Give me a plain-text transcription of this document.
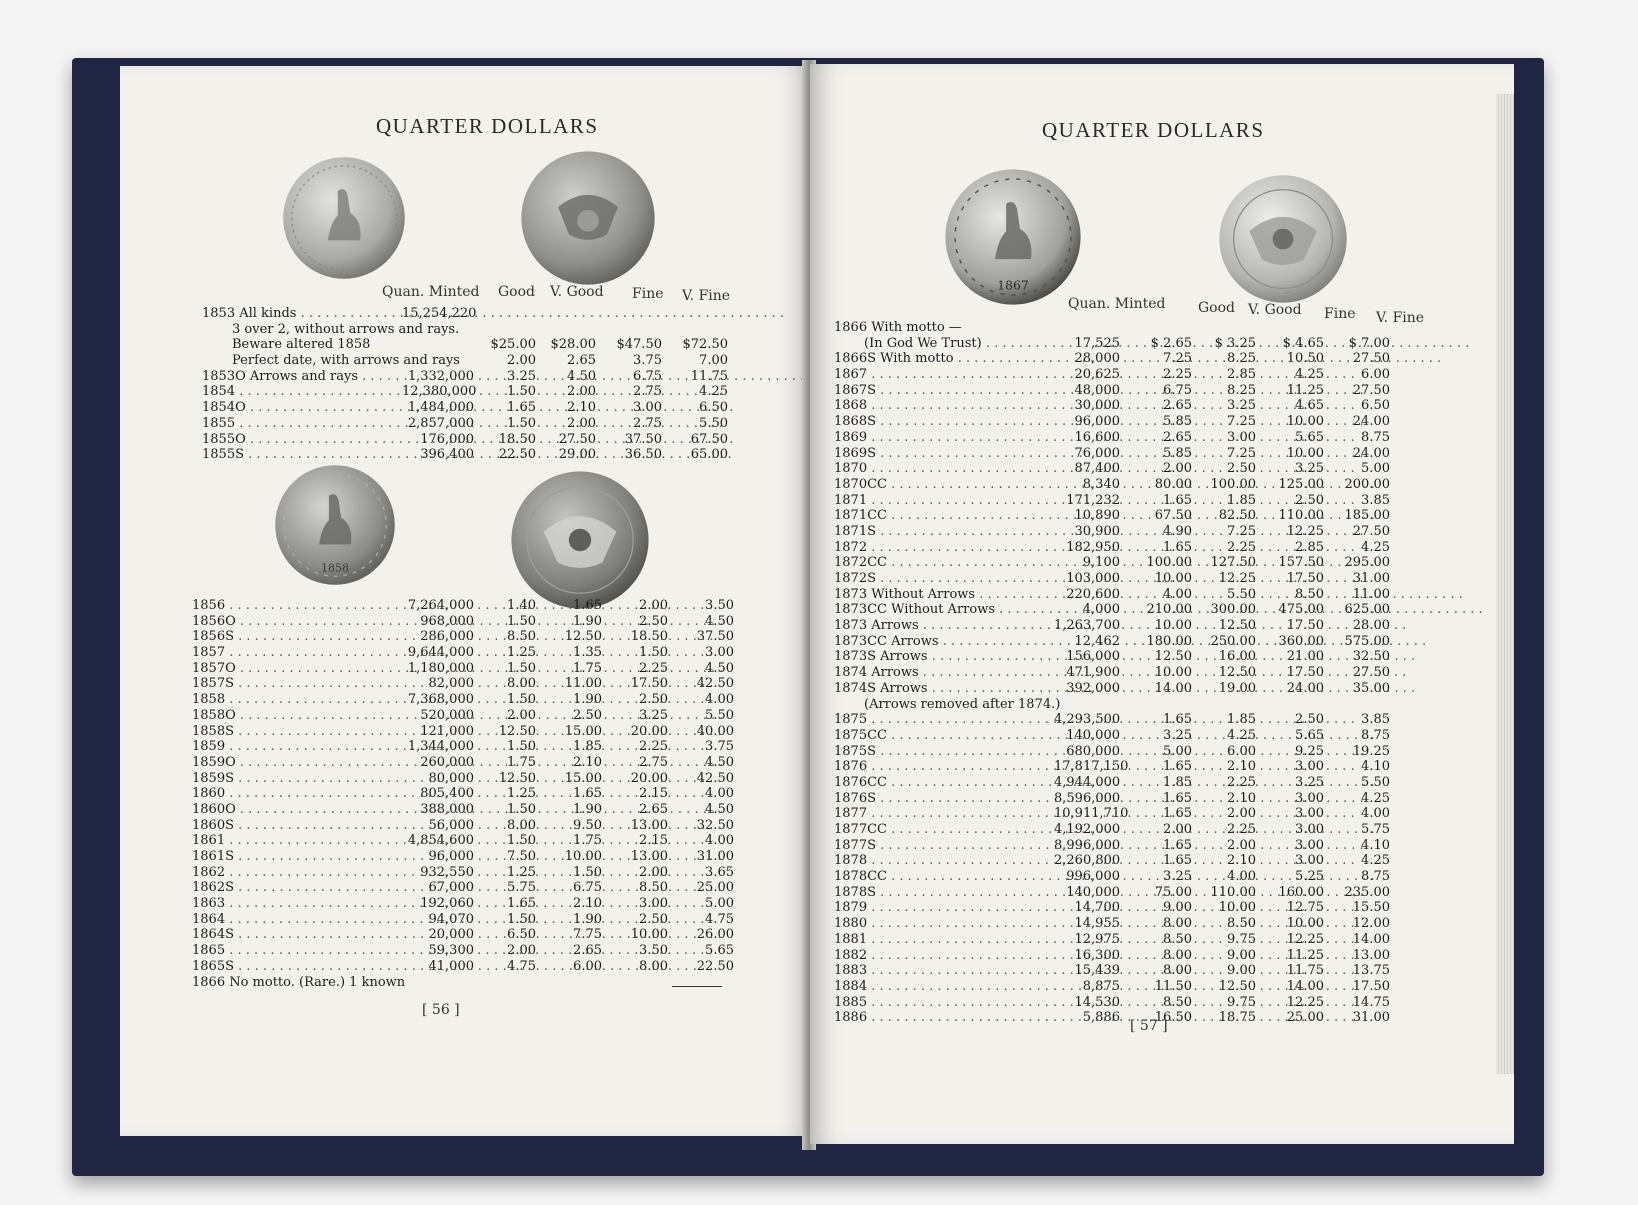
QUARTER DOLLARS
Quan. Minted Good V. Good Fine V. Fine
1853 All kinds . . .	15,254,220
3 over 2, without arrows and rays.
Beware altered 1858	$25.00	$28.00	$47.50	$72.50
Perfect date, with arrows and rays	2.00	2.65	3.75	7.00
1853O Arrows and rays . . .	1,332,000	3.25	4.50	6.75	11.75
1854 . . .	12,380,000	1.50	2.00	2.75	4.25
1854O . . .	1,484,000	1.65	2.10	3.00	6.50
1855 . . .	2,857,000	1.50	2.00	2.75	5.50
1855O . . .	176,000	18.50	27.50	37.50	67.50
1855S . . .	396,400	22.50	29.00	36.50	65.00
1858
1856 . . .	7,264,000	1.40	1.65	2.00	3.50
1856O . . .	968,000	1.50	1.90	2.50	4.50
1856S . . .	286,000	8.50	12.50	18.50	37.50
1857 . . .	9,644,000	1.25	1.35	1.50	3.00
1857O . . .	1,180,000	1.50	1.75	2.25	4.50
1857S . . .	82,000	8.00	11.00	17.50	42.50
1858 . . .	7,368,000	1.50	1.90	2.50	4.00
1858O . . .	520,000	2.00	2.50	3.25	5.50
1858S . . .	121,000	12.50	15.00	20.00	40.00
1859 . . .	1,344,000	1.50	1.85	2.25	3.75
1859O . . .	260,000	1.75	2.10	2.75	4.50
1859S . . .	80,000	12.50	15.00	20.00	42.50
1860 . . .	805,400	1.25	1.65	2.15	4.00
1860O . . .	388,000	1.50	1.90	2.65	4.50
1860S . . .	56,000	8.00	9.50	13.00	32.50
1861 . . .	4,854,600	1.50	1.75	2.15	4.00
1861S . . .	96,000	7.50	10.00	13.00	31.00
1862 . . .	932,550	1.25	1.50	2.00	3.65
1862S . . .	67,000	5.75	6.75	8.50	25.00
1863 . . .	192,060	1.65	2.10	3.00	5.00
1864 . . .	94,070	1.50	1.90	2.50	4.75
1864S . . .	20,000	6.50	7.75	10.00	26.00
1865 . . .	59,300	2.00	2.65	3.50	5.65
1865S . . .	41,000	4.75	6.00	8.00	22.50
1866 No motto. (Rare.) 1 known
[ 56 ]
QUARTER DOLLARS
1867
Quan. Minted Good V. Good Fine V. Fine
1866 With motto —
(In God We Trust) . . .	17,525	$ 2.65	$ 3.25	$ 4.65	$ 7.00
1866S With motto . . .	28,000	7.25	8.25	10.50	27.50
1867 . . .	20,625	2.25	2.85	4.25	6.00
1867S . . .	48,000	6.75	8.25	11.25	27.50
1868 . . .	30,000	2.65	3.25	4.65	6.50
1868S . . .	96,000	5.85	7.25	10.00	24.00
1869 . . .	16,600	2.65	3.00	5.65	8.75
1869S . . .	76,000	5.85	7.25	10.00	24.00
1870 . . .	87,400	2.00	2.50	3.25	5.00
1870CC . . .	8,340	80.00	100.00	125.00	200.00
1871 . . .	171,232	1.65	1.85	2.50	3.85
1871CC . . .	10,890	67.50	82.50	110.00	185.00
1871S . . .	30,900	4.90	7.25	12.25	27.50
1872 . . .	182,950	1.65	2.25	2.85	4.25
1872CC . . .	9,100	100.00	127.50	157.50	295.00
1872S . . .	103,000	10.00	12.25	17.50	31.00
1873 Without Arrows . . .	220,600	4.00	5.50	8.50	11.00
1873CC Without Arrows . . .	4,000	210.00	300.00	475.00	625.00
1873 Arrows . . .	1,263,700	10.00	12.50	17.50	28.00
1873CC Arrows . . .	12,462	180.00	250.00	360.00	575.00
1873S Arrows . . .	156,000	12.50	16.00	21.00	32.50
1874 Arrows . . .	471,900	10.00	12.50	17.50	27.50
1874S Arrows . . .	392,000	14.00	19.00	24.00	35.00
(Arrows removed after 1874.)
1875 . . .	4,293,500	1.65	1.85	2.50	3.85
1875CC . . .	140,000	3.25	4.25	5.65	8.75
1875S . . .	680,000	5.00	6.00	9.25	19.25
1876 . . .	17,817,150	1.65	2.10	3.00	4.10
1876CC . . .	4,944,000	1.85	2.25	3.25	5.50
1876S . . .	8,596,000	1.65	2.10	3.00	4.25
1877 . . .	10,911,710	1.65	2.00	3.00	4.00
1877CC . . .	4,192,000	2.00	2.25	3.00	5.75
1877S . . .	8,996,000	1.65	2.00	3.00	4.10
1878 . . .	2,260,800	1.65	2.10	3.00	4.25
1878CC . . .	996,000	3.25	4.00	5.25	8.75
1878S . . .	140,000	75.00	110.00	160.00	235.00
1879 . . .	14,700	9.00	10.00	12.75	15.50
1880 . . .	14,955	8.00	8.50	10.00	12.00
1881 . . .	12,975	8.50	9.75	12.25	14.00
1882 . . .	16,300	8.00	9.00	11.25	13.00
1883 . . .	15,439	8.00	9.00	11.75	13.75
1884 . . .	8,875	11.50	12.50	14.00	17.50
1885 . . .	14,530	8.50	9.75	12.25	14.75
1886 . . .	5,886	16.50	18.75	25.00	31.00
[ 57 ]
